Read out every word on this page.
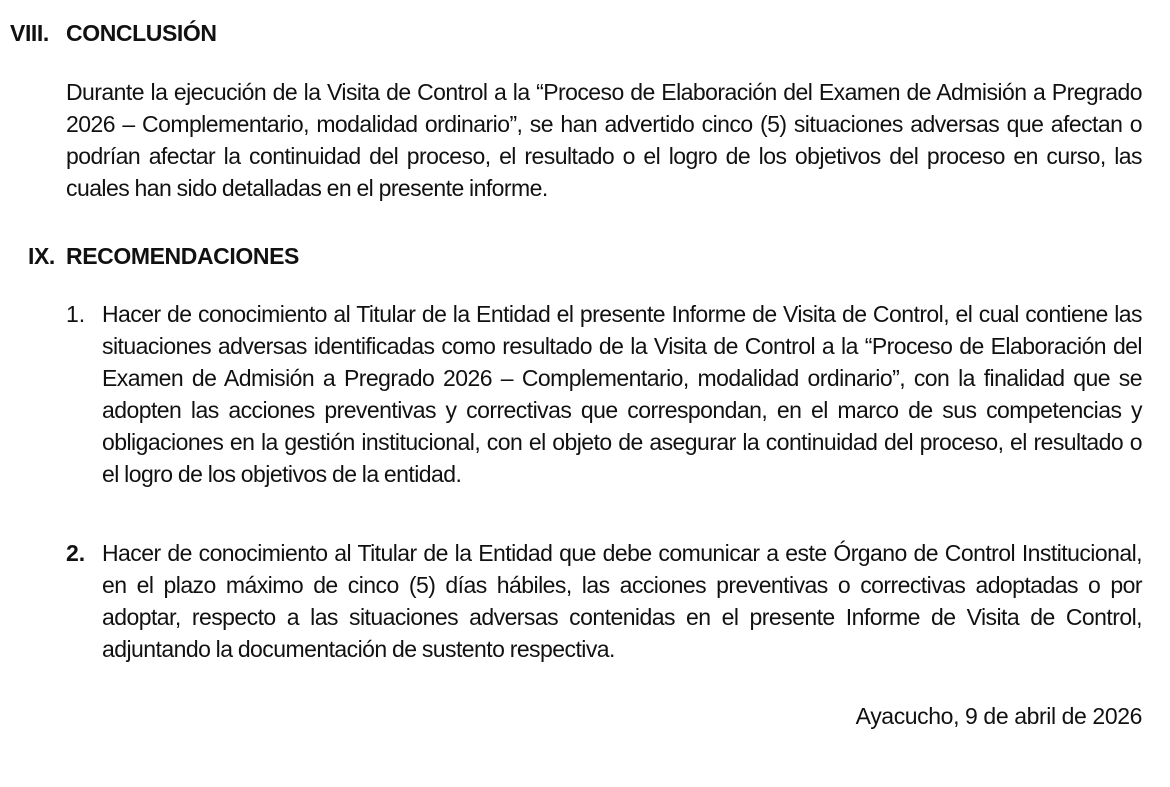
VIII. CONCLUSIÓN
Durante la ejecución de la Visita de Control a la “Proceso de Elaboración del Examen de Admisión a Pregrado 2026 – Complementario, modalidad ordinario”, se han advertido cinco (5) situaciones adversas que afectan o podrían afectar la continuidad del proceso, el resultado o el logro de los objetivos del proceso en curso, las cuales han sido detalladas en el presente informe.
IX. RECOMENDACIONES
1. Hacer de conocimiento al Titular de la Entidad el presente Informe de Visita de Control, el cual contiene las situaciones adversas identificadas como resultado de la Visita de Control a la “Proceso de Elaboración del Examen de Admisión a Pregrado 2026 – Complementario, modalidad ordinario”, con la finalidad que se adopten las acciones preventivas y correctivas que correspondan, en el marco de sus competencias y obligaciones en la gestión institucional, con el objeto de asegurar la continuidad del proceso, el resultado o el logro de los objetivos de la entidad.
2. Hacer de conocimiento al Titular de la Entidad que debe comunicar a este Órgano de Control Institucional, en el plazo máximo de cinco (5) días hábiles, las acciones preventivas o correctivas adoptadas o por adoptar, respecto a las situaciones adversas contenidas en el presente Informe de Visita de Control, adjuntando la documentación de sustento respectiva.
Ayacucho, 9 de abril de 2026
